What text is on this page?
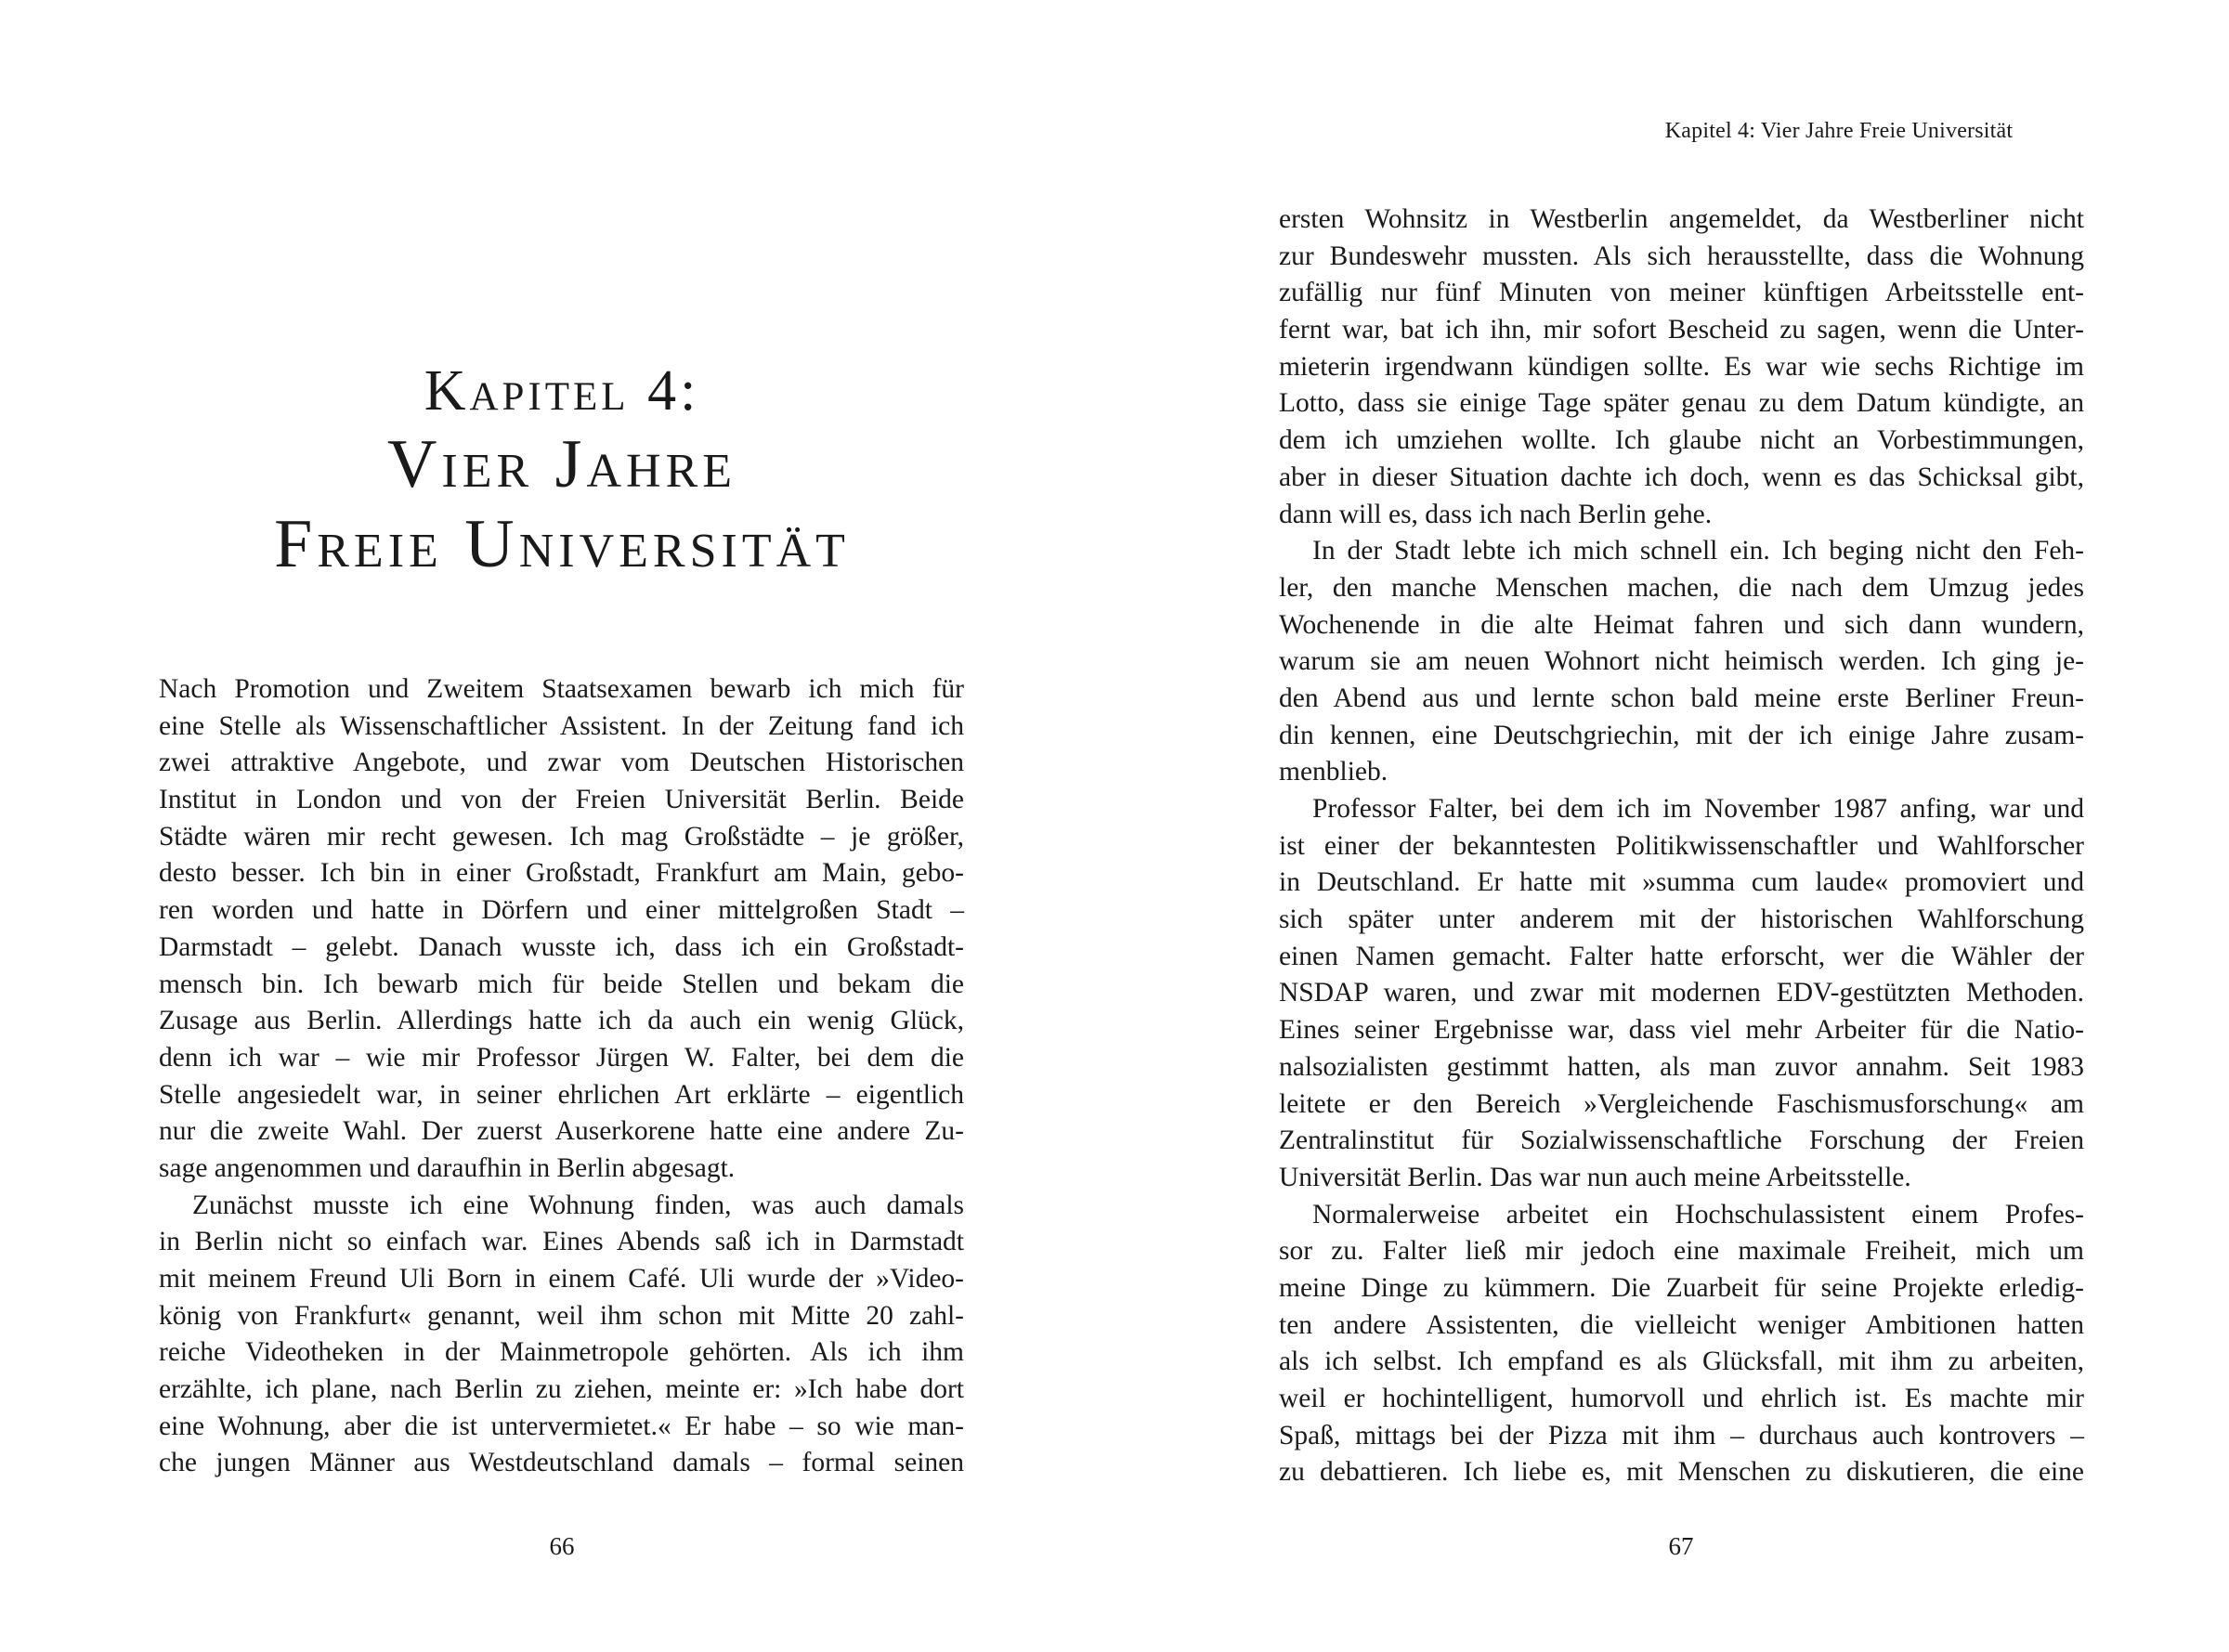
Kapitel 4:
Vier Jahre
Freie Universität
Nach Promotion und Zweitem Staatsexamen bewarb ich mich für
eine Stelle als Wissenschaftlicher Assistent. In der Zeitung fand ich
zwei attraktive Angebote, und zwar vom Deutschen Historischen
Institut in London und von der Freien Universität Berlin. Beide
Städte wären mir recht gewesen. Ich mag Großstädte – je größer,
desto besser. Ich bin in einer Großstadt, Frankfurt am Main, gebo-
ren worden und hatte in Dörfern und einer mittelgroßen Stadt –
Darmstadt – gelebt. Danach wusste ich, dass ich ein Großstadt-
mensch bin. Ich bewarb mich für beide Stellen und bekam die
Zusage aus Berlin. Allerdings hatte ich da auch ein wenig Glück,
denn ich war – wie mir Professor Jürgen W. Falter, bei dem die
Stelle angesiedelt war, in seiner ehrlichen Art erklärte – eigentlich
nur die zweite Wahl. Der zuerst Auserkorene hatte eine andere Zu-
sage angenommen und daraufhin in Berlin abgesagt.
Zunächst musste ich eine Wohnung finden, was auch damals
in Berlin nicht so einfach war. Eines Abends saß ich in Darmstadt
mit meinem Freund Uli Born in einem Café. Uli wurde der »Video-
könig von Frankfurt« genannt, weil ihm schon mit Mitte 20 zahl-
reiche Videotheken in der Mainmetropole gehörten. Als ich ihm
erzählte, ich plane, nach Berlin zu ziehen, meinte er: »Ich habe dort
eine Wohnung, aber die ist untervermietet.« Er habe – so wie man-
che jungen Männer aus Westdeutschland damals – formal seinen
66
Kapitel 4: Vier Jahre Freie Universität
ersten Wohnsitz in Westberlin angemeldet, da Westberliner nicht
zur Bundeswehr mussten. Als sich herausstellte, dass die Wohnung
zufällig nur fünf Minuten von meiner künftigen Arbeitsstelle ent-
fernt war, bat ich ihn, mir sofort Bescheid zu sagen, wenn die Unter-
mieterin irgendwann kündigen sollte. Es war wie sechs Richtige im
Lotto, dass sie einige Tage später genau zu dem Datum kündigte, an
dem ich umziehen wollte. Ich glaube nicht an Vorbestimmungen,
aber in dieser Situation dachte ich doch, wenn es das Schicksal gibt,
dann will es, dass ich nach Berlin gehe.
In der Stadt lebte ich mich schnell ein. Ich beging nicht den Feh-
ler, den manche Menschen machen, die nach dem Umzug jedes
Wochenende in die alte Heimat fahren und sich dann wundern,
warum sie am neuen Wohnort nicht heimisch werden. Ich ging je-
den Abend aus und lernte schon bald meine erste Berliner Freun-
din kennen, eine Deutschgriechin, mit der ich einige Jahre zusam-
menblieb.
Professor Falter, bei dem ich im November 1987 anfing, war und
ist einer der bekanntesten Politikwissenschaftler und Wahlforscher
in Deutschland. Er hatte mit »summa cum laude« promoviert und
sich später unter anderem mit der historischen Wahlforschung
einen Namen gemacht. Falter hatte erforscht, wer die Wähler der
NSDAP waren, und zwar mit modernen EDV-gestützten Methoden.
Eines seiner Ergebnisse war, dass viel mehr Arbeiter für die Natio-
nalsozialisten gestimmt hatten, als man zuvor annahm. Seit 1983
leitete er den Bereich »Vergleichende Faschismusforschung« am
Zentralinstitut für Sozialwissenschaftliche Forschung der Freien
Universität Berlin. Das war nun auch meine Arbeitsstelle.
Normalerweise arbeitet ein Hochschulassistent einem Profes-
sor zu. Falter ließ mir jedoch eine maximale Freiheit, mich um
meine Dinge zu kümmern. Die Zuarbeit für seine Projekte erledig-
ten andere Assistenten, die vielleicht weniger Ambitionen hatten
als ich selbst. Ich empfand es als Glücksfall, mit ihm zu arbeiten,
weil er hochintelligent, humorvoll und ehrlich ist. Es machte mir
Spaß, mittags bei der Pizza mit ihm – durchaus auch kontrovers –
zu debattieren. Ich liebe es, mit Menschen zu diskutieren, die eine
67
